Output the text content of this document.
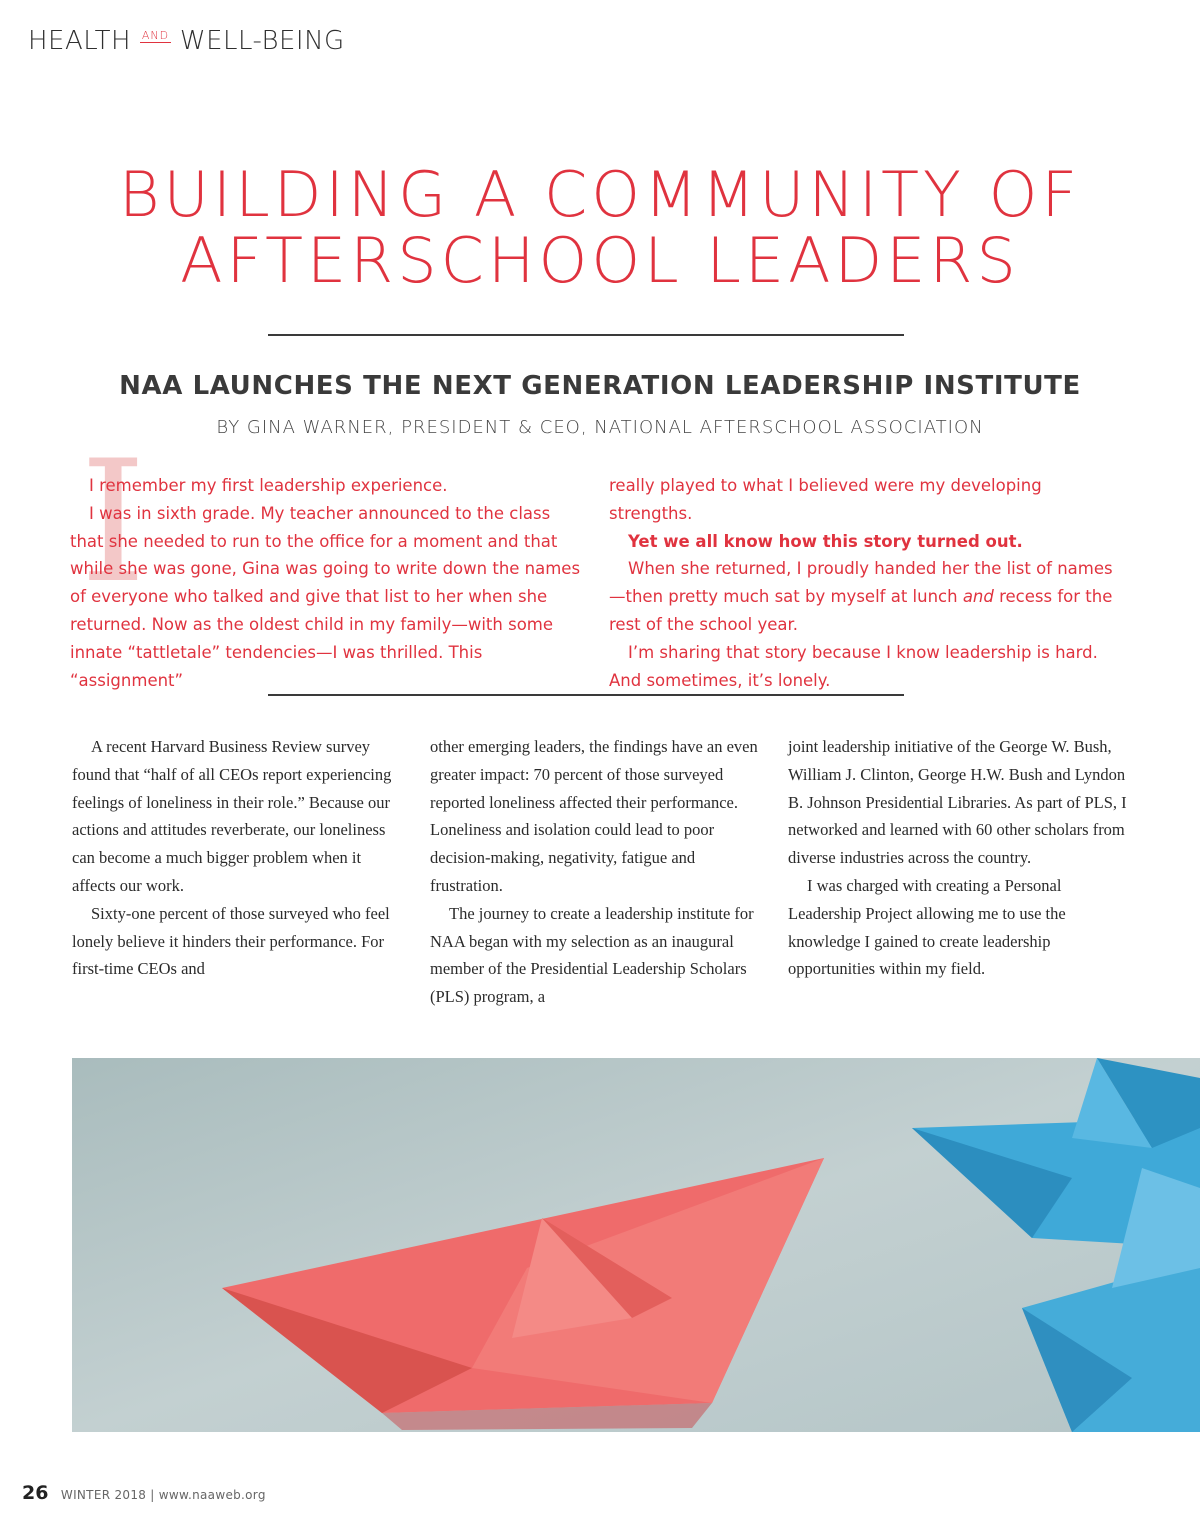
HEALTH $^{AND}$ WELL-BEING
BUILDING A COMMUNITY OF
AFTERSCHOOL LEADERS
NAA LAUNCHES THE NEXT GENERATION LEADERSHIP INSTITUTE
BY GINA WARNER, PRESIDENT & CEO, NATIONAL AFTERSCHOOL ASSOCIATION
I

I remember my first leadership experience.

I was in sixth grade. My teacher announced to the class that she needed to run to the office for a moment and that while she was gone, Gina was going to write down the names of everyone who talked and give that list to her when she returned. Now as the oldest child in my family—with some innate “tattletale” tendencies—I was thrilled. This “assignment”

really played to what I believed were my developing strengths.

Yet we all know how this story turned out.

When she returned, I proudly handed her the list of names—then pretty much sat by myself at lunch and recess for the rest of the school year.

I’m sharing that story because I know leadership is hard. And sometimes, it’s lonely.

A recent Harvard Business Review survey found that “half of all CEOs report experiencing feelings of loneliness in their role.” Because our actions and attitudes reverberate, our loneliness can become a much bigger problem when it affects our work.

Sixty-one percent of those surveyed who feel lonely believe it hinders their performance. For first-time CEOs and

other emerging leaders, the findings have an even greater impact: 70 percent of those surveyed reported loneliness affected their performance. Loneliness and isolation could lead to poor decision-making, negativity, fatigue and frustration.

The journey to create a leadership institute for NAA began with my selection as an inaugural member of the Presidential Leadership Scholars (PLS) program, a

joint leadership initiative of the George W. Bush, William J. Clinton, George H.W. Bush and Lyndon B. Johnson Presidential Libraries. As part of PLS, I networked and learned with 60 other scholars from diverse industries across the country.

I was charged with creating a Personal Leadership Project allowing me to use the knowledge I gained to create leadership opportunities within my field.

26 WINTER 2018 | www.naaweb.org
